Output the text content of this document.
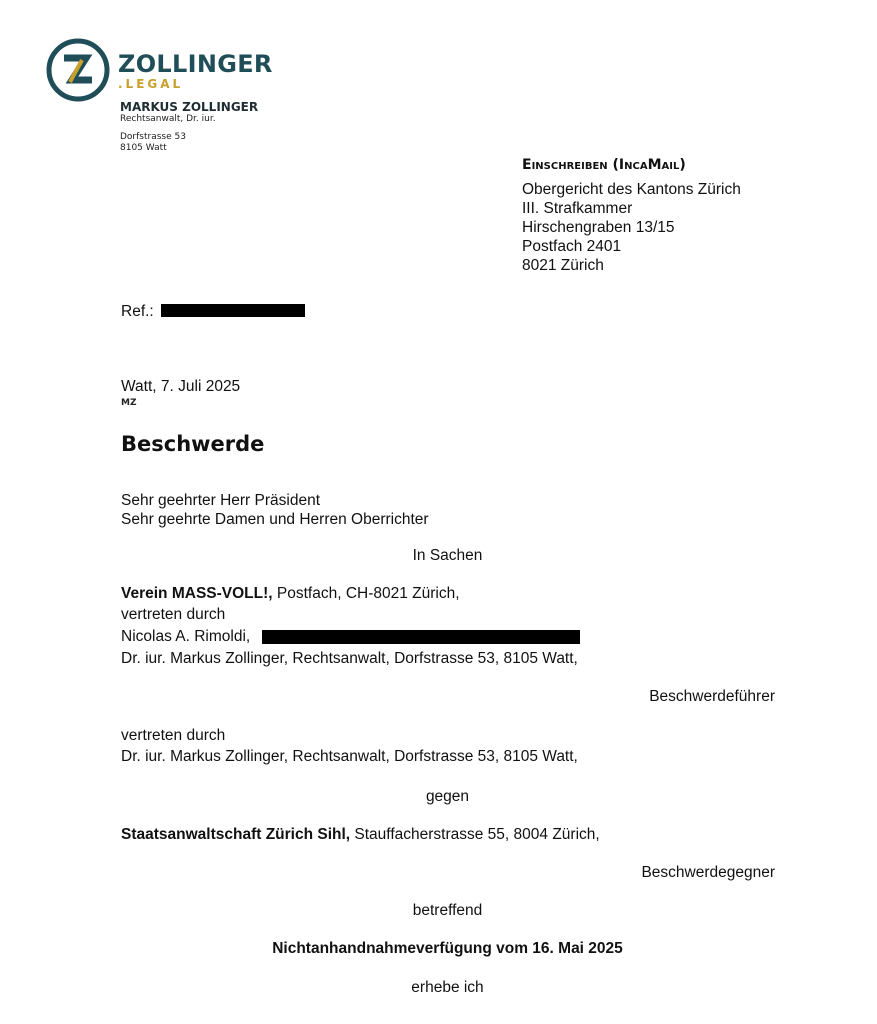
ZOLLINGER
.LEGAL
MARKUS ZOLLINGER
Rechtsanwalt, Dr. iur.
Dorfstrasse 53
8105 Watt
Einschreiben (IncaMail)
Obergericht des Kantons Zürich
III. Strafkammer
Hirschengraben 13/15
Postfach 2401
8021 Zürich
Ref.:
Watt, 7. Juli 2025
MZ
Beschwerde
Sehr geehrter Herr Präsident
Sehr geehrte Damen und Herren Oberrichter
In Sachen
Verein MASS-VOLL!, Postfach, CH-8021 Zürich,
vertreten durch
Nicolas A. Rimoldi,
Dr. iur. Markus Zollinger, Rechtsanwalt, Dorfstrasse 53, 8105 Watt,
Beschwerdeführer
vertreten durch
Dr. iur. Markus Zollinger, Rechtsanwalt, Dorfstrasse 53, 8105 Watt,
gegen
Staatsanwaltschaft Zürich Sihl, Stauffacherstrasse 55, 8004 Zürich,
Beschwerdegegner
betreffend
Nichtanhandnahmeverfügung vom 16. Mai 2025
erhebe ich
